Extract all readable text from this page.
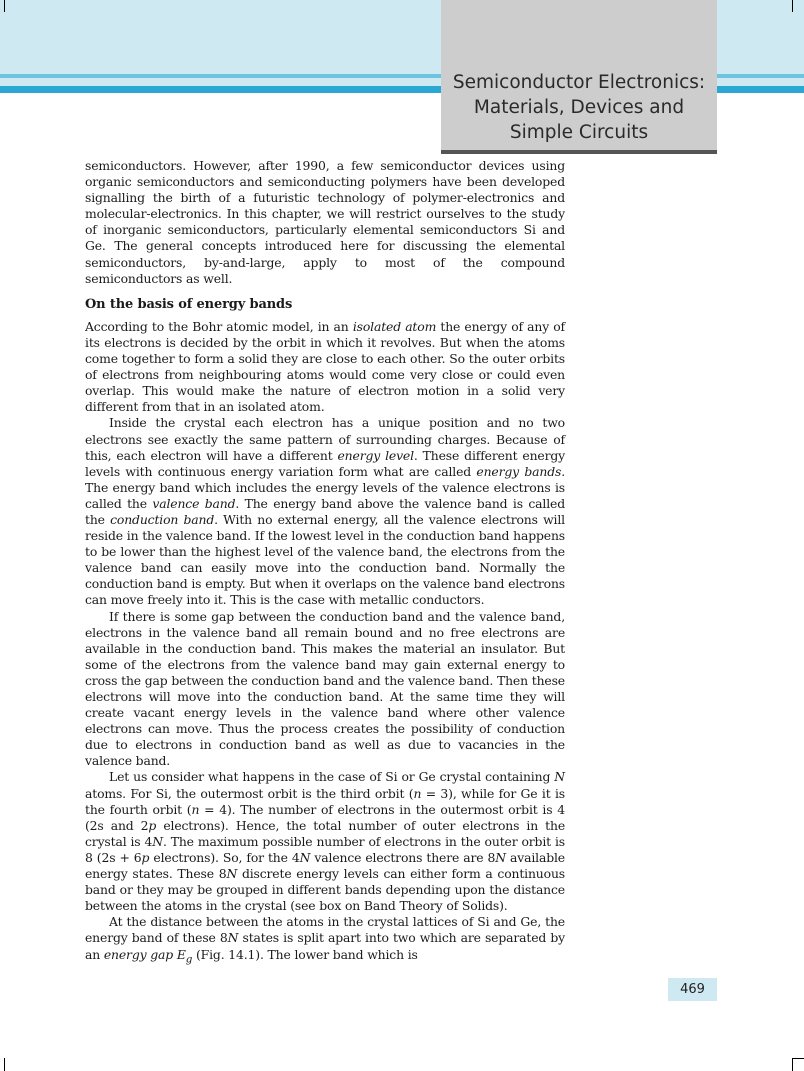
Semiconductor Electronics:
Materials, Devices and
Simple Circuits

semiconductors. However, after 1990, a few semiconductor devices using organic semiconductors and semiconducting polymers have been developed signalling the birth of a futuristic technology of polymer-electronics and molecular-electronics. In this chapter, we will restrict ourselves to the study of inorganic semiconductors, particularly elemental semiconductors Si and Ge. The general concepts introduced here for discussing the elemental semiconductors, by-and-large, apply to most of the compound semiconductors as well.

On the basis of energy bands

According to the Bohr atomic model, in an isolated atom the energy of any of its electrons is decided by the orbit in which it revolves. But when the atoms come together to form a solid they are close to each other. So the outer orbits of electrons from neighbouring atoms would come very close or could even overlap. This would make the nature of electron motion in a solid very different from that in an isolated atom.

Inside the crystal each electron has a unique position and no two electrons see exactly the same pattern of surrounding charges. Because of this, each electron will have a different energy level. These different energy levels with continuous energy variation form what are called energy bands. The energy band which includes the energy levels of the valence electrons is called the valence band. The energy band above the valence band is called the conduction band. With no external energy, all the valence electrons will reside in the valence band. If the lowest level in the conduction band happens to be lower than the highest level of the valence band, the electrons from the valence band can easily move into the conduction band. Normally the conduction band is empty. But when it overlaps on the valence band electrons can move freely into it. This is the case with metallic conductors.

If there is some gap between the conduction band and the valence band, electrons in the valence band all remain bound and no free electrons are available in the conduction band. This makes the material an insulator. But some of the electrons from the valence band may gain external energy to cross the gap between the conduction band and the valence band. Then these electrons will move into the conduction band. At the same time they will create vacant energy levels in the valence band where other valence electrons can move. Thus the process creates the possibility of conduction due to electrons in conduction band as well as due to vacancies in the valence band.

Let us consider what happens in the case of Si or Ge crystal containing N atoms. For Si, the outermost orbit is the third orbit (n = 3), while for Ge it is the fourth orbit (n = 4). The number of electrons in the outermost orbit is 4 (2s and 2p electrons). Hence, the total number of outer electrons in the crystal is 4N. The maximum possible number of electrons in the outer orbit is 8 (2s + 6p electrons). So, for the 4N valence electrons there are 8N available energy states. These 8N discrete energy levels can either form a continuous band or they may be grouped in different bands depending upon the distance between the atoms in the crystal (see box on Band Theory of Solids).

At the distance between the atoms in the crystal lattices of Si and Ge, the energy band of these 8N states is split apart into two which are separated by an energy gap $E_g$ (Fig. 14.1). The lower band which is

469
